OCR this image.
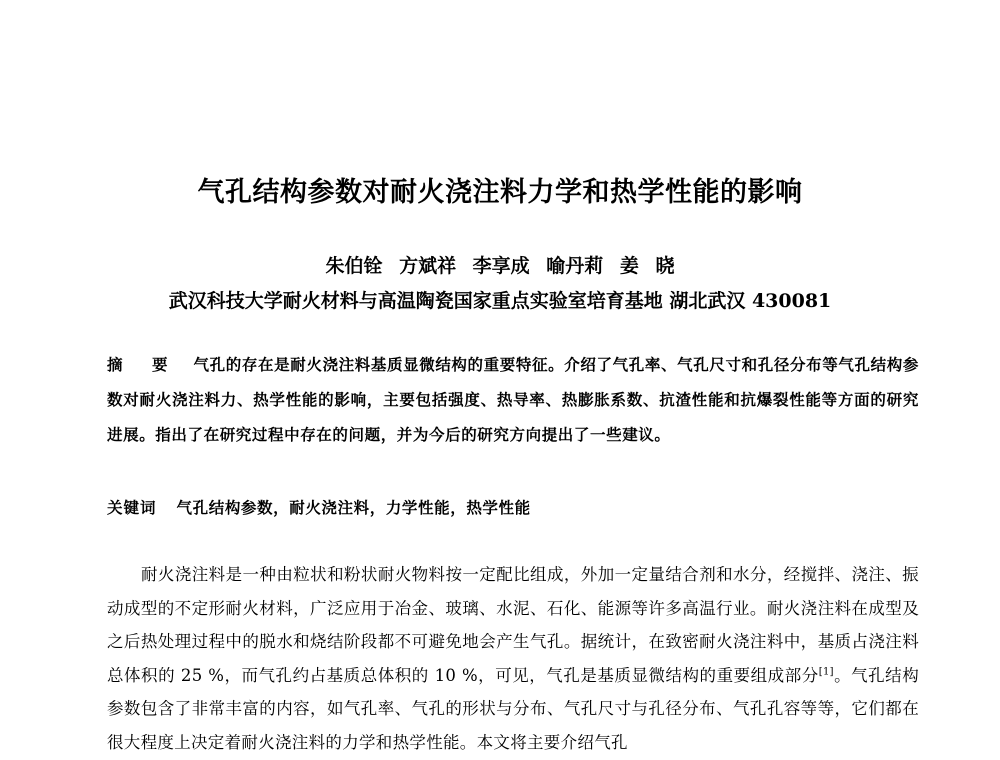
气孔结构参数对耐火浇注料力学和热学性能的影响
朱伯铨 方斌祥 李享成 喻丹莉 姜 晓
武汉科技大学耐火材料与高温陶瓷国家重点实验室培育基地 湖北武汉 430081
摘 要 气孔的存在是耐火浇注料基质显微结构的重要特征。介绍了气孔率、气孔尺寸和孔径分布等气孔结构参数对耐火浇注料力、热学性能的影响，主要包括强度、热导率、热膨胀系数、抗渣性能和抗爆裂性能等方面的研究进展。指出了在研究过程中存在的问题，并为今后的研究方向提出了一些建议。
关键词 气孔结构参数，耐火浇注料，力学性能，热学性能
耐火浇注料是一种由粒状和粉状耐火物料按一定配比组成，外加一定量结合剂和水分，经搅拌、浇注、振动成型的不定形耐火材料，广泛应用于冶金、玻璃、水泥、石化、能源等许多高温行业。耐火浇注料在成型及之后热处理过程中的脱水和烧结阶段都不可避免地会产生气孔。据统计，在致密耐火浇注料中，基质占浇注料总体积的 25 %，而气孔约占基质总体积的 10 %，可见，气孔是基质显微结构的重要组成部分[1]。气孔结构参数包含了非常丰富的内容，如气孔率、气孔的形状与分布、气孔尺寸与孔径分布、气孔孔容等等，它们都在很大程度上决定着耐火浇注料的力学和热学性能。本文将主要介绍气孔
